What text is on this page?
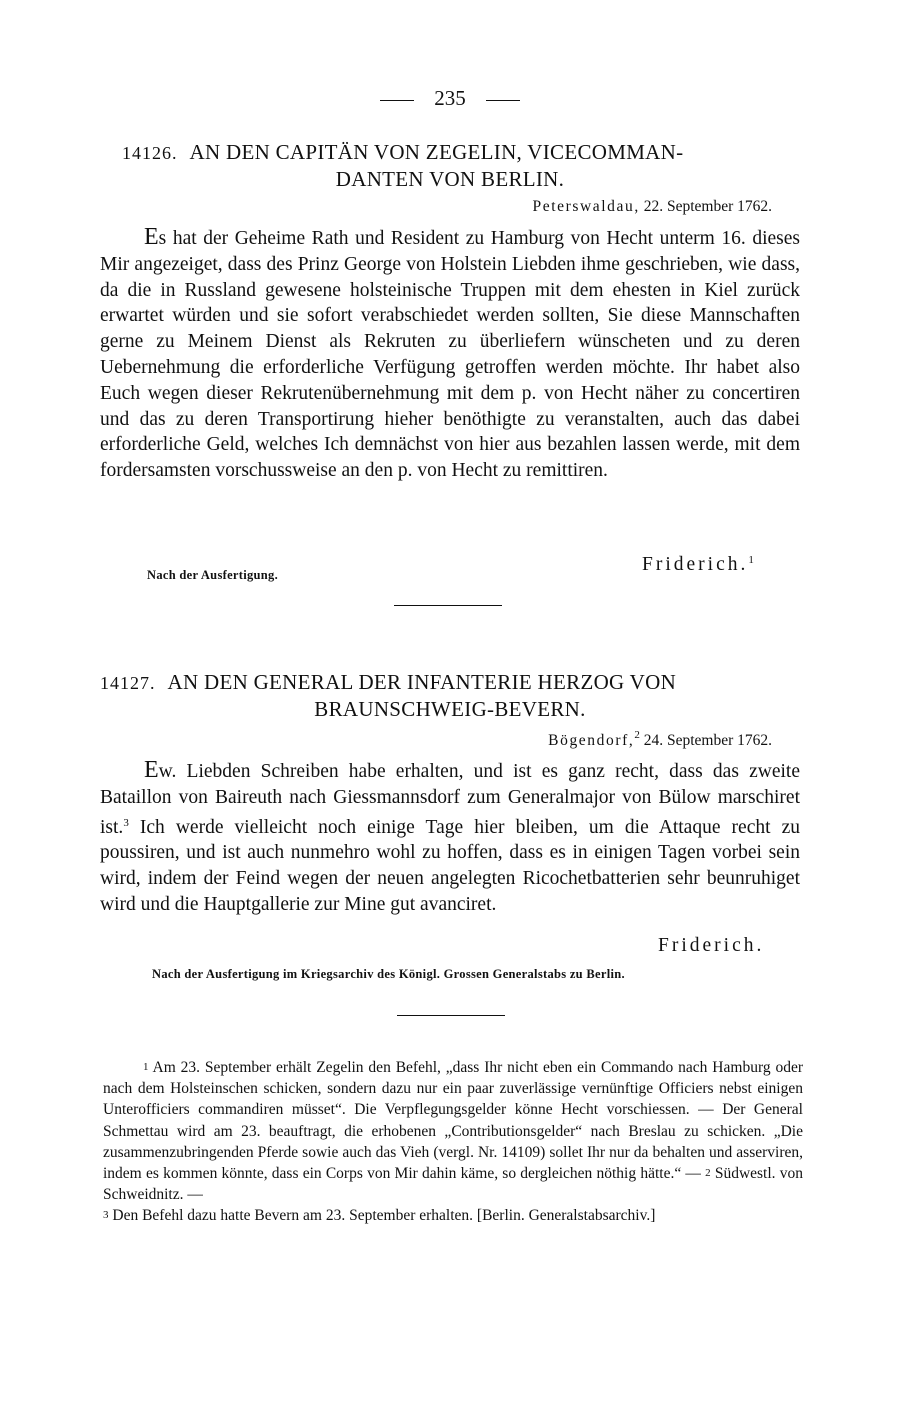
235
14126. AN DEN CAPITÄN VON ZEGELIN, VICECOMMAN-
DANTEN VON BERLIN.
Peterswaldau, 22. September 1762.
Es hat der Geheime Rath und Resident zu Hamburg von Hecht unterm 16. dieses Mir angezeiget, dass des Prinz George von Holstein Liebden ihme geschrieben, wie dass, da die in Russland gewesene holsteinische Truppen mit dem ehesten in Kiel zurück erwartet würden und sie sofort verabschiedet werden sollten, Sie diese Mannschaften gerne zu Meinem Dienst als Rekruten zu überliefern wünscheten und zu deren Uebernehmung die erforderliche Verfügung getroffen werden möchte. Ihr habet also Euch wegen dieser Rekrutenübernehmung mit dem p. von Hecht näher zu concertiren und das zu deren Transportirung hieher benöthigte zu veranstalten, auch das dabei erforderliche Geld, welches Ich demnächst von hier aus bezahlen lassen werde, mit dem fordersamsten vorschussweise an den p. von Hecht zu remittiren.
Nach der Ausfertigung.	Friderich.$^1$
14127. AN DEN GENERAL DER INFANTERIE HERZOG VON
BRAUNSCHWEIG-BEVERN.
Bögendorf,$^2$ 24. September 1762.
Ew. Liebden Schreiben habe erhalten, und ist es ganz recht, dass das zweite Bataillon von Baireuth nach Giessmannsdorf zum Generalmajor von Bülow marschiret ist.$^3$ Ich werde vielleicht noch einige Tage hier bleiben, um die Attaque recht zu poussiren, und ist auch nunmehro wohl zu hoffen, dass es in einigen Tagen vorbei sein wird, indem der Feind wegen der neuen angelegten Ricochetbatterien sehr beunruhiget wird und die Hauptgallerie zur Mine gut avanciret.
Friderich.
Nach der Ausfertigung im Kriegsarchiv des Königl. Grossen Generalstabs zu Berlin.

1 Am 23. September erhält Zegelin den Befehl, „dass Ihr nicht eben ein Commando nach Hamburg oder nach dem Holsteinschen schicken, sondern dazu nur ein paar zuverlässige vernünftige Officiers nebst einigen Unterofficiers commandiren müsset“. Die Verpflegungsgelder könne Hecht vorschiessen. — Der General Schmettau wird am 23. beauftragt, die erhobenen „Contributionsgelder“ nach Breslau zu schicken. „Die zusammenzubringenden Pferde sowie auch das Vieh (vergl. Nr. 14109) sollet Ihr nur da behalten und asserviren, indem es kommen könnte, dass ein Corps von Mir dahin käme, so dergleichen nöthig hätte.“ — 2 Südwestl. von Schweidnitz. —

3 Den Befehl dazu hatte Bevern am 23. September erhalten. [Berlin. Generalstabsarchiv.]
